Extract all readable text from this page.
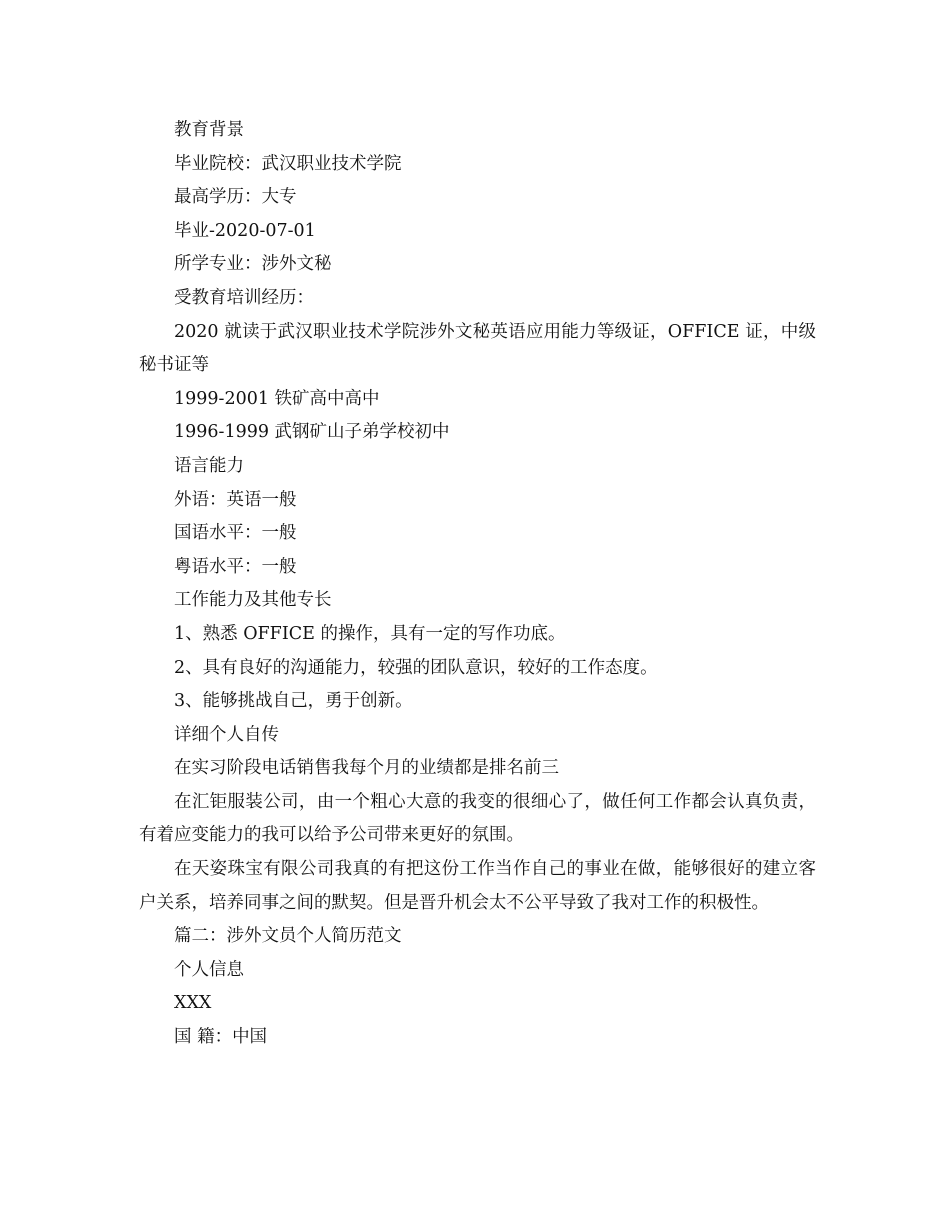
教育背景

毕业院校：武汉职业技术学院

最高学历：大专

毕业-2020-07-01

所学专业：涉外文秘

受教育培训经历：

2020 就读于武汉职业技术学院涉外文秘英语应用能力等级证，OFFICE 证，中级秘书证等

1999-2001 铁矿高中高中

1996-1999 武钢矿山子弟学校初中

语言能力

外语：英语一般

国语水平：一般

粤语水平：一般

工作能力及其他专长

1、熟悉 OFFICE 的操作，具有一定的写作功底。

2、具有良好的沟通能力，较强的团队意识，较好的工作态度。

3、能够挑战自己，勇于创新。

详细个人自传

在实习阶段电话销售我每个月的业绩都是排名前三

在汇钜服装公司，由一个粗心大意的我变的很细心了，做任何工作都会认真负责，有着应变能力的我可以给予公司带来更好的氛围。

在天姿珠宝有限公司我真的有把这份工作当作自己的事业在做，能够很好的建立客户关系，培养同事之间的默契。但是晋升机会太不公平导致了我对工作的积极性。

篇二：涉外文员个人简历范文

个人信息

XXX

国 籍：中国
